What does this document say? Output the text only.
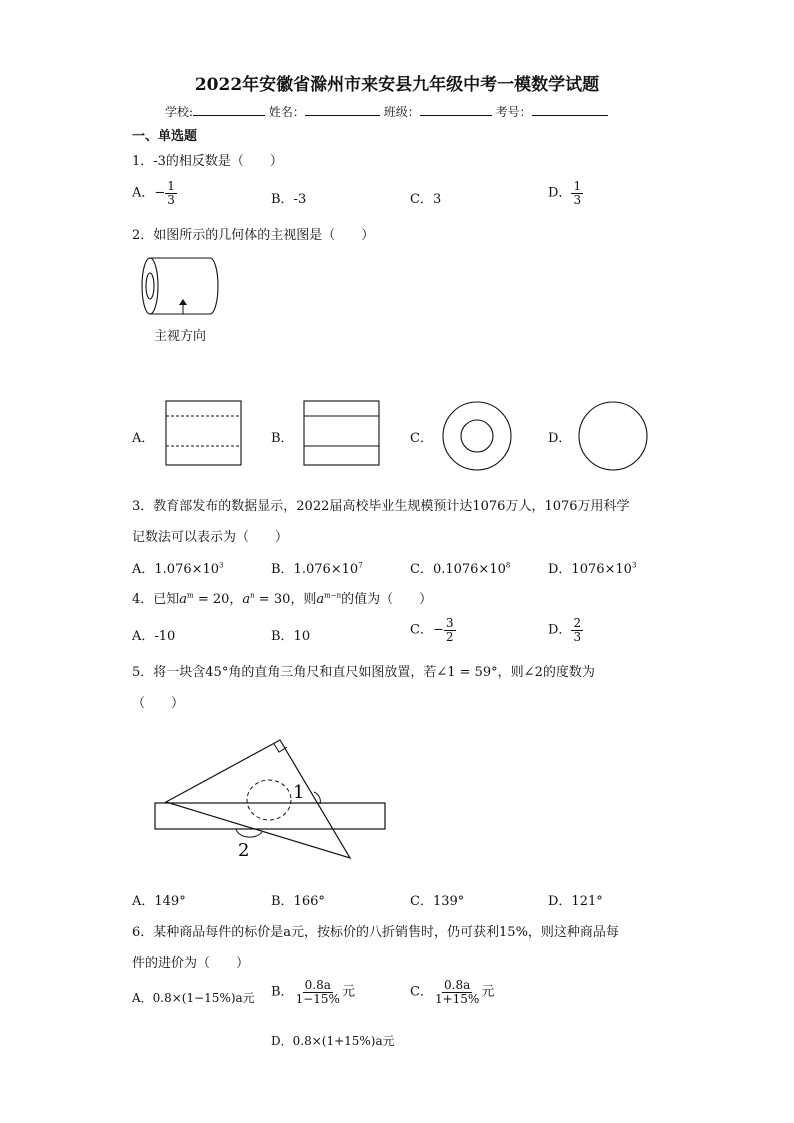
2022年安徽省滁州市来安县九年级中考一模数学试题
学校:	姓名：	班级：	考号：
一、单选题
1．-3的相反数是（　　）
A．− $\frac{1}{3}$	B．-3	C．3	D． $\frac{1}{3}$
2．如图所示的几何体的主视图是（　　）
主视方向
A．	B．	C．	D．
3．教育部发布的数据显示，2022届高校毕业生规模预计达1076万人，1076万用科学
记数法可以表示为（　　）
A．$1.076\times 10^3$	B．$1.076\times 10^7$	C．$0.1076\times 10^8$	D．$1076\times 10^3$
4．已知$a^m = 20$，$a^n = 30$，则$a^{m-n}$的值为（　　）
A．-10	B．10	C．− $\frac{3}{2}$	D． $\frac{2}{3}$
5．将一块含45°角的直角三角尺和直尺如图放置，若∠1 = 59°，则∠2的度数为
（　　）
1
2
A．149°	B．166°	C．139°	D．121°
6．某种商品每件的标价是a元，按标价的八折销售时，仍可获利15%，则这种商品每
件的进价为（　　）
A．0.8×(1−15%)a元 B． $\frac{0.8a}{1-15\%}$ 元	C． $\frac{0.8a}{1+15\%}$ 元
D．0.8×(1+15%)a元
